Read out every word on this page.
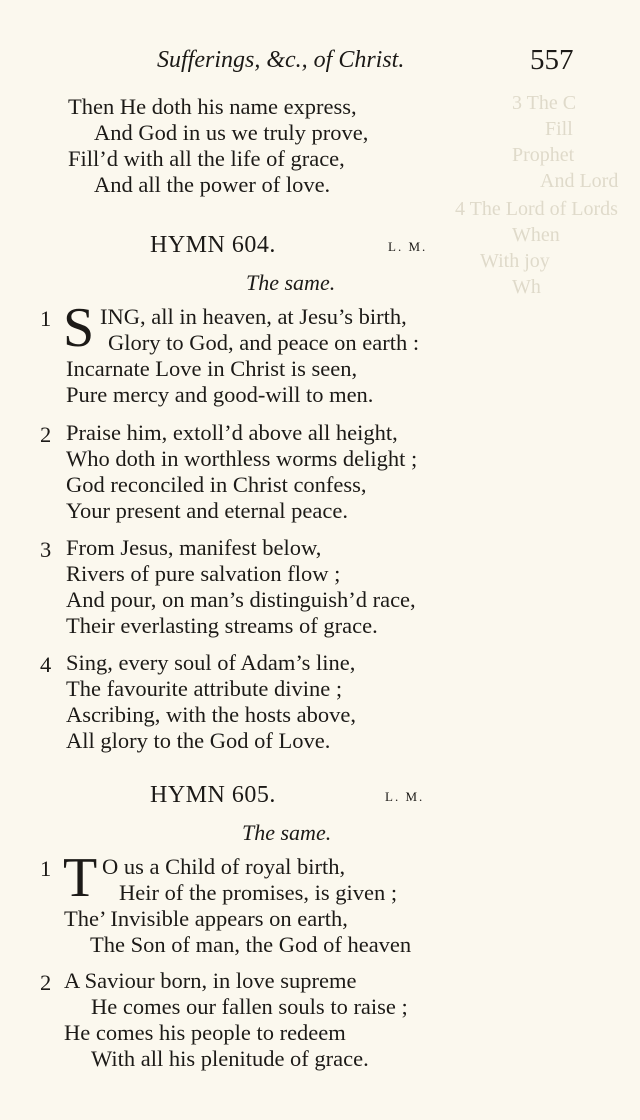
3 The C
Fill
Prophet
And Lord
4 The Lord of Lords
When
With joy
Wh
Sufferings, &c., of Christ.	557
Then He doth his name express,
And God in us we truly prove,
Fill’d with all the life of grace,
And all the power of love.
HYMN 604.	L. M.
The same.
1 S ING, all in heaven, at Jesu’s birth,
Glory to God, and peace on earth :
Incarnate Love in Christ is seen,
Pure mercy and good-will to men.
2 Praise him, extoll’d above all height,
Who doth in worthless worms delight ;
God reconciled in Christ confess,
Your present and eternal peace.
3 From Jesus, manifest below,
Rivers of pure salvation flow ;
And pour, on man’s distinguish’d race,
Their everlasting streams of grace.
4 Sing, every soul of Adam’s line,
The favourite attribute divine ;
Ascribing, with the hosts above,
All glory to the God of Love.
HYMN 605.	L. M.
The same.
1 T O us a Child of royal birth,
Heir of the promises, is given ;
The’ Invisible appears on earth,
The Son of man, the God of heaven
2 A Saviour born, in love supreme
He comes our fallen souls to raise ;
He comes his people to redeem
With all his plenitude of grace.
